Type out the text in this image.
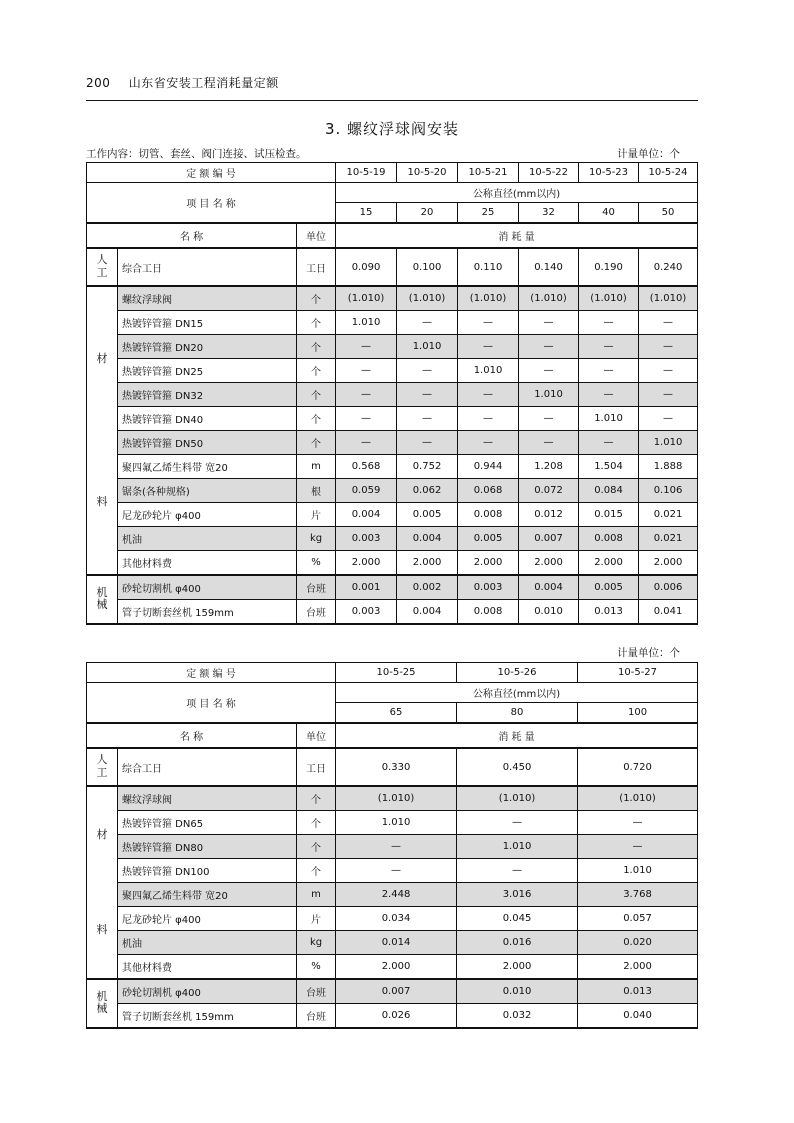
200 山东省安装工程消耗量定额
3. 螺纹浮球阀安装
工作内容：切管、套丝、阀门连接、试压检查。	计量单位：个
定 额 编 号			10-5-19	10-5-20	10-5-21	10-5-22	10-5-23	10-5-24
项 目 名 称			公称直径(mm以内)					
			15	20	25	32	40	50
名 称		单位	消 耗 量					
人工	综合工日	工日	0.090	0.100	0.110	0.140	0.190	0.240

材
料	螺纹浮球阀	个	(1.010)	(1.010)	(1.010)	(1.010)	(1.010)	(1.010)
	热镀锌管箍 DN15	个	1.010	—	—	—	—	—
	热镀锌管箍 DN20	个	—	1.010	—	—	—	—
	热镀锌管箍 DN25	个	—	—	1.010	—	—	—
	热镀锌管箍 DN32	个	—	—	—	1.010	—	—
	热镀锌管箍 DN40	个	—	—	—	—	1.010	—
	热镀锌管箍 DN50	个	—	—	—	—	—	1.010
	聚四氟乙烯生料带 宽20	m	0.568	0.752	0.944	1.208	1.504	1.888
	锯条(各种规格)	根	0.059	0.062	0.068	0.072	0.084	0.106
	尼龙砂轮片 φ400	片	0.004	0.005	0.008	0.012	0.015	0.021
	机油	kg	0.003	0.004	0.005	0.007	0.008	0.021
	其他材料费	%	2.000	2.000	2.000	2.000	2.000	2.000
机械	砂轮切割机 φ400	台班	0.001	0.002	0.003	0.004	0.005	0.006
	管子切断套丝机 159mm	台班	0.003	0.004	0.008	0.010	0.013	0.041
计量单位：个
定 额 编 号			10-5-25	10-5-26	10-5-27
项 目 名 称			公称直径(mm以内)		
			65	80	100
名 称		单位	消 耗 量		
人工	综合工日	工日	0.330	0.450	0.720

材
料	螺纹浮球阀	个	(1.010)	(1.010)	(1.010)
	热镀锌管箍 DN65	个	1.010	—	—
	热镀锌管箍 DN80	个	—	1.010	—
	热镀锌管箍 DN100	个	—	—	1.010
	聚四氟乙烯生料带 宽20	m	2.448	3.016	3.768
	尼龙砂轮片 φ400	片	0.034	0.045	0.057
	机油	kg	0.014	0.016	0.020
	其他材料费	%	2.000	2.000	2.000
机械	砂轮切割机 φ400	台班	0.007	0.010	0.013
	管子切断套丝机 159mm	台班	0.026	0.032	0.040
